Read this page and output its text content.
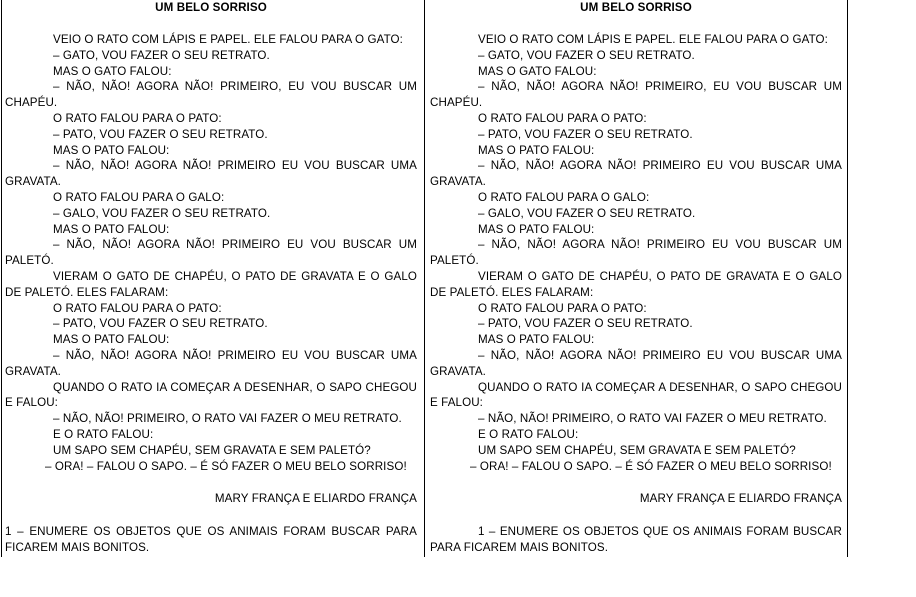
UM BELO SORRISO
VEIO O RATO COM LÁPIS E PAPEL. ELE FALOU PARA O GATO:
– GATO, VOU FAZER O SEU RETRATO.
MAS O GATO FALOU:
– NÃO, NÃO! AGORA NÃO! PRIMEIRO, EU VOU BUSCAR UM CHAPÉU.
O RATO FALOU PARA O PATO:
– PATO, VOU FAZER O SEU RETRATO.
MAS O PATO FALOU:
– NÃO, NÃO! AGORA NÃO! PRIMEIRO EU VOU BUSCAR UMA GRAVATA.
O RATO FALOU PARA O GALO:
– GALO, VOU FAZER O SEU RETRATO.
MAS O PATO FALOU:
– NÃO, NÃO! AGORA NÃO! PRIMEIRO EU VOU BUSCAR UM PALETÓ.
VIERAM O GATO DE CHAPÉU, O PATO DE GRAVATA E O GALO DE PALETÓ. ELES FALARAM:
O RATO FALOU PARA O PATO:
– PATO, VOU FAZER O SEU RETRATO.
MAS O PATO FALOU:
– NÃO, NÃO! AGORA NÃO! PRIMEIRO EU VOU BUSCAR UMA GRAVATA.
QUANDO O RATO IA COMEÇAR A DESENHAR, O SAPO CHEGOU E FALOU:
– NÃO, NÃO! PRIMEIRO, O RATO VAI FAZER O MEU RETRATO.
E O RATO FALOU:
UM SAPO SEM CHAPÉU, SEM GRAVATA E SEM PALETÓ?
– ORA! – FALOU O SAPO. – É SÓ FAZER O MEU BELO SORRISO!
MARY FRANÇA E ELIARDO FRANÇA
1 – ENUMERE OS OBJETOS QUE OS ANIMAIS FORAM BUSCAR PARA FICAREM MAIS BONITOS.
UM BELO SORRISO
VEIO O RATO COM LÁPIS E PAPEL. ELE FALOU PARA O GATO:
– GATO, VOU FAZER O SEU RETRATO.
MAS O GATO FALOU:
– NÃO, NÃO! AGORA NÃO! PRIMEIRO, EU VOU BUSCAR UM CHAPÉU.
O RATO FALOU PARA O PATO:
– PATO, VOU FAZER O SEU RETRATO.
MAS O PATO FALOU:
– NÃO, NÃO! AGORA NÃO! PRIMEIRO EU VOU BUSCAR UMA GRAVATA.
O RATO FALOU PARA O GALO:
– GALO, VOU FAZER O SEU RETRATO.
MAS O PATO FALOU:
– NÃO, NÃO! AGORA NÃO! PRIMEIRO EU VOU BUSCAR UM PALETÓ.
VIERAM O GATO DE CHAPÉU, O PATO DE GRAVATA E O GALO DE PALETÓ. ELES FALARAM:
O RATO FALOU PARA O PATO:
– PATO, VOU FAZER O SEU RETRATO.
MAS O PATO FALOU:
– NÃO, NÃO! AGORA NÃO! PRIMEIRO EU VOU BUSCAR UMA GRAVATA.
QUANDO O RATO IA COMEÇAR A DESENHAR, O SAPO CHEGOU E FALOU:
– NÃO, NÃO! PRIMEIRO, O RATO VAI FAZER O MEU RETRATO.
E O RATO FALOU:
UM SAPO SEM CHAPÉU, SEM GRAVATA E SEM PALETÓ?
– ORA! – FALOU O SAPO. – É SÓ FAZER O MEU BELO SORRISO!
MARY FRANÇA E ELIARDO FRANÇA
1 – ENUMERE OS OBJETOS QUE OS ANIMAIS FORAM BUSCAR PARA FICAREM MAIS BONITOS.
